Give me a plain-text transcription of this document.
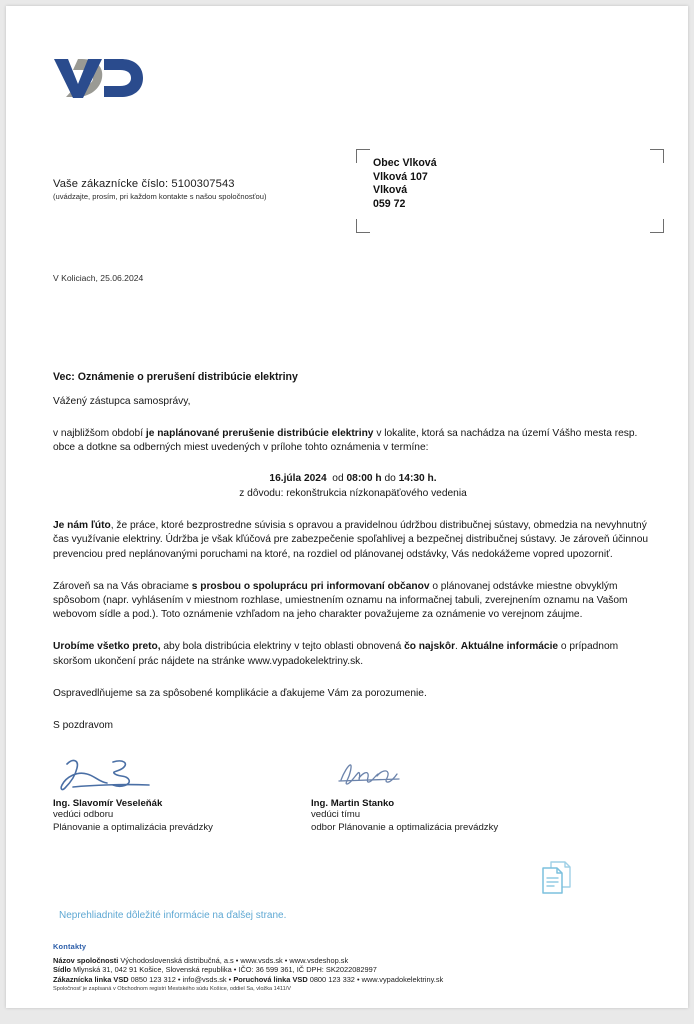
Vaše zákaznícke číslo: 5100307543
(uvádzajte, prosím, pri každom kontakte s našou spoločnosťou)
Obec Vlková
Vlková 107
Vlková
059 72
V Koliciach, 25.06.2024
Vec: Oznámenie o prerušení distribúcie elektriny
Vážený zástupca samosprávy,
v najbližšom období je naplánované prerušenie distribúcie elektriny v lokalite, ktorá sa nachádza na území Vášho mesta resp. obce a dotkne sa odberných miest uvedených v prílohe tohto oznámenia v termíne:
16.júla 2024 od 08:00 h do 14:30 h.
z dôvodu: rekonštrukcia nízkonapäťového vedenia
Je nám ľúto, že práce, ktoré bezprostredne súvisia s opravou a pravidelnou údržbou distribučnej sústavy, obmedzia na nevyhnutný čas využívanie elektriny. Údržba je však kľúčová pre zabezpečenie spoľahlivej a bezpečnej distribučnej sústavy. Je zároveň účinnou prevenciou pred neplánovanými poruchami na ktoré, na rozdiel od plánovanej odstávky, Vás nedokážeme vopred upozorniť.
Zároveň sa na Vás obraciame s prosbou o spoluprácu pri informovaní občanov o plánovanej odstávke miestne obvyklým spôsobom (napr. vyhlásením v miestnom rozhlase, umiestnením oznamu na informačnej tabuli, zverejnením oznamu na Vašom webovom sídle a pod.). Toto oznámenie vzhľadom na jeho charakter považujeme za oznámenie vo verejnom záujme.
Urobíme všetko preto, aby bola distribúcia elektriny v tejto oblasti obnovená čo najskôr. Aktuálne informácie o prípadnom skoršom ukončení prác nájdete na stránke www.vypadokelektriny.sk.
Ospravedlňujeme sa za spôsobené komplikácie a ďakujeme Vám za porozumenie.
S pozdravom
Ing. Slavomír Veseleňák
vedúci odboru
Plánovanie a optimalizácia prevádzky
Ing. Martin Stanko
vedúci tímu
odbor Plánovanie a optimalizácia prevádzky
Neprehliadnite dôležité informácie na ďalšej strane.
Kontakty
Názov spoločnosti Východoslovenská distribučná, a.s • www.vsds.sk • www.vsdeshop.sk
Sídlo Mlynská 31, 042 91 Košice, Slovenská republika • IČO: 36 599 361, IČ DPH: SK2022082997
Zákaznícka linka VSD 0850 123 312 • info@vsds.sk • Poruchová linka VSD 0800 123 332 • www.vypadokelektriny.sk
Spoločnosť je zapísaná v Obchodnom registri Mestského súdu Košice, oddiel Sa, vložka 1411/V
